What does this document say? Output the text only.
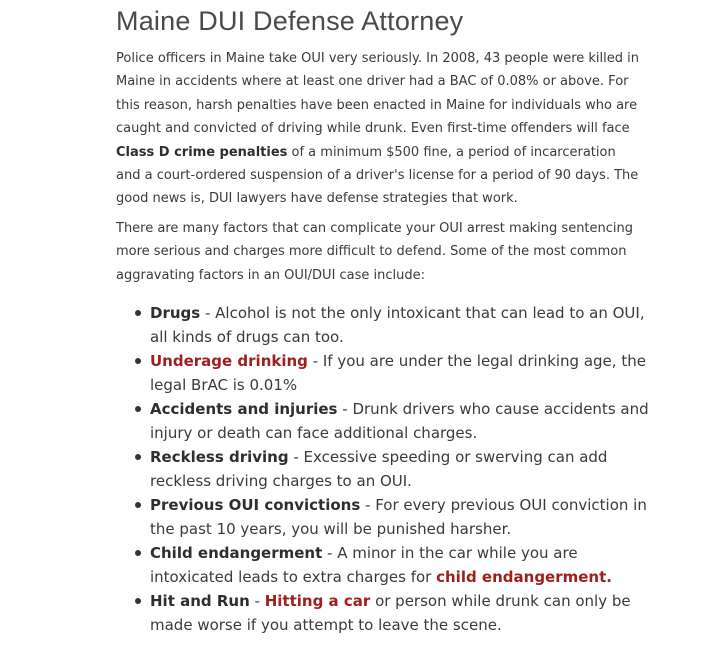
Maine DUI Defense Attorney

Police officers in Maine take OUI very seriously. In 2008, 43 people were killed in Maine in accidents where at least one driver had a BAC of 0.08% or above. For this reason, harsh penalties have been enacted in Maine for individuals who are caught and convicted of driving while drunk. Even first-time offenders will face Class D crime penalties of a minimum $500 fine, a period of incarceration and a court-ordered suspension of a driver's license for a period of 90 days. The good news is, DUI lawyers have defense strategies that work.

There are many factors that can complicate your OUI arrest making sentencing more serious and charges more difficult to defend. Some of the most common aggravating factors in an OUI/DUI case include:

Drugs - Alcohol is not the only intoxicant that can lead to an OUI, all kinds of drugs can too.
Underage drinking - If you are under the legal drinking age, the legal BrAC is 0.01%
Accidents and injuries - Drunk drivers who cause accidents and injury or death can face additional charges.
Reckless driving - Excessive speeding or swerving can add reckless driving charges to an OUI.
Previous OUI convictions - For every previous OUI conviction in the past 10 years, you will be punished harsher.
Child endangerment - A minor in the car while you are intoxicated leads to extra charges for child endangerment.
Hit and Run - Hitting a car or person while drunk can only be made worse if you attempt to leave the scene.
